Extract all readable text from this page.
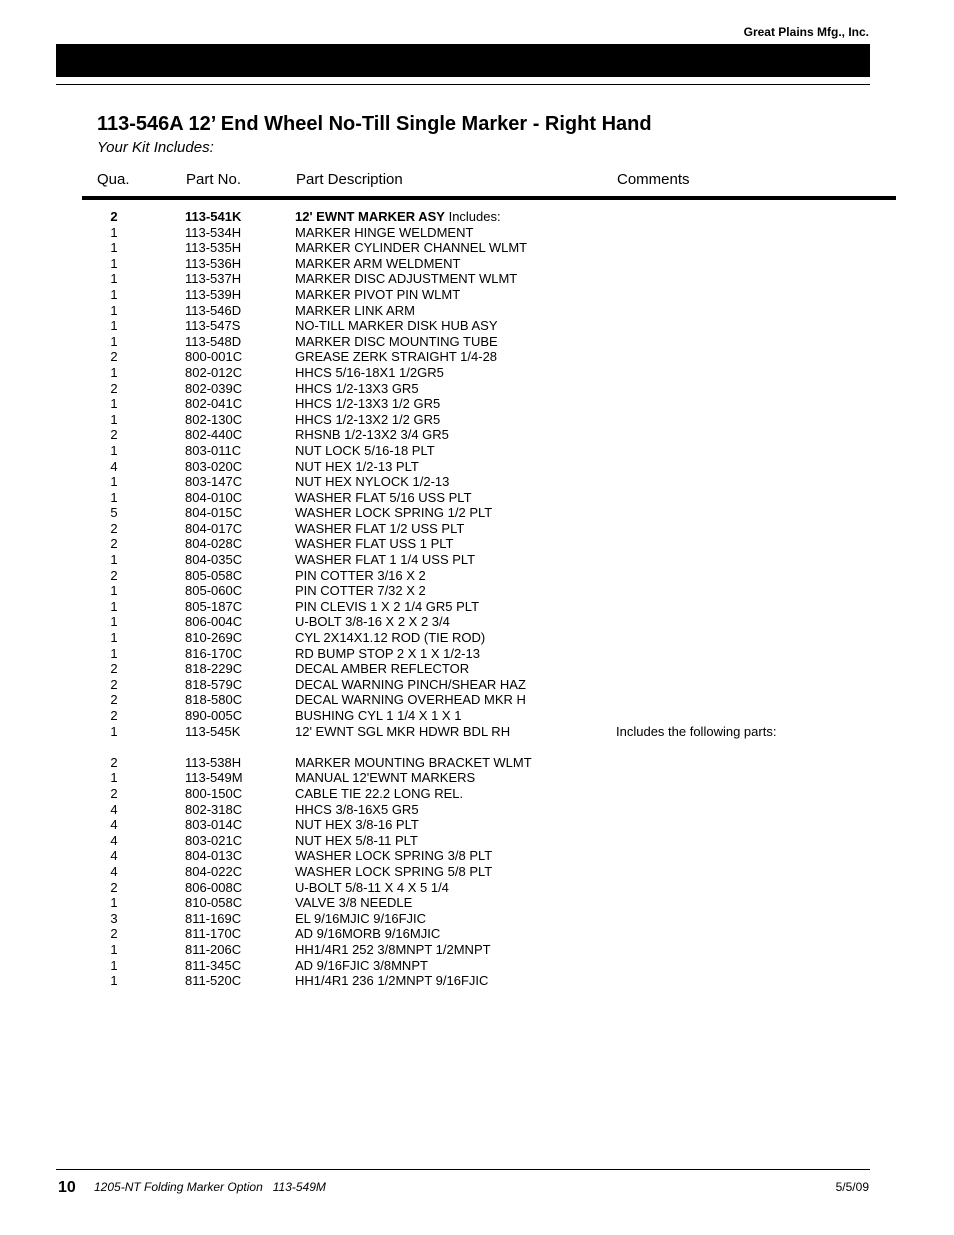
Great Plains Mfg., Inc.
113-546A 12’ End Wheel No-Till Single Marker - Right Hand
Your Kit Includes:
Qua.	Part No.	Part Description	Comments
2	113-541K	12' EWNT MARKER ASY Includes:
1	113-534H	MARKER HINGE WELDMENT
1	113-535H	MARKER CYLINDER CHANNEL WLMT
1	113-536H	MARKER ARM WELDMENT
1	113-537H	MARKER DISC ADJUSTMENT WLMT
1	113-539H	MARKER PIVOT PIN WLMT
1	113-546D	MARKER LINK ARM
1	113-547S	NO-TILL MARKER DISK HUB ASY
1	113-548D	MARKER DISC MOUNTING TUBE
2	800-001C	GREASE ZERK STRAIGHT 1/4-28
1	802-012C	HHCS 5/16-18X1 1/2GR5
2	802-039C	HHCS 1/2-13X3 GR5
1	802-041C	HHCS 1/2-13X3 1/2 GR5
1	802-130C	HHCS 1/2-13X2 1/2 GR5
2	802-440C	RHSNB 1/2-13X2 3/4 GR5
1	803-011C	NUT LOCK 5/16-18 PLT
4	803-020C	NUT HEX 1/2-13 PLT
1	803-147C	NUT HEX NYLOCK 1/2-13
1	804-010C	WASHER FLAT 5/16 USS PLT
5	804-015C	WASHER LOCK SPRING 1/2 PLT
2	804-017C	WASHER FLAT 1/2 USS PLT
2	804-028C	WASHER FLAT USS 1 PLT
1	804-035C	WASHER FLAT 1 1/4 USS PLT
2	805-058C	PIN COTTER 3/16 X 2
1	805-060C	PIN COTTER 7/32 X 2
1	805-187C	PIN CLEVIS 1 X 2 1/4 GR5 PLT
1	806-004C	U-BOLT 3/8-16 X 2 X 2 3/4
1	810-269C	CYL 2X14X1.12 ROD (TIE ROD)
1	816-170C	RD BUMP STOP 2 X 1 X 1/2-13
2	818-229C	DECAL AMBER REFLECTOR
2	818-579C	DECAL WARNING PINCH/SHEAR HAZ
2	818-580C	DECAL WARNING OVERHEAD MKR H
2	890-005C	BUSHING CYL 1 1/4 X 1 X 1
1	113-545K	12' EWNT SGL MKR HDWR BDL RH	Includes the following parts:
2	113-538H	MARKER MOUNTING BRACKET WLMT
1	113-549M	MANUAL 12'EWNT MARKERS
2	800-150C	CABLE TIE 22.2 LONG REL.
4	802-318C	HHCS 3/8-16X5 GR5
4	803-014C	NUT HEX 3/8-16 PLT
4	803-021C	NUT HEX 5/8-11 PLT
4	804-013C	WASHER LOCK SPRING 3/8 PLT
4	804-022C	WASHER LOCK SPRING 5/8 PLT
2	806-008C	U-BOLT 5/8-11 X 4 X 5 1/4
1	810-058C	VALVE 3/8 NEEDLE
3	811-169C	EL 9/16MJIC 9/16FJIC
2	811-170C	AD 9/16MORB 9/16MJIC
1	811-206C	HH1/4R1 252 3/8MNPT 1/2MNPT
1	811-345C	AD 9/16FJIC 3/8MNPT
1	811-520C	HH1/4R1 236 1/2MNPT 9/16FJIC
10 1205-NT Folding Marker Option   113-549M	5/5/09
